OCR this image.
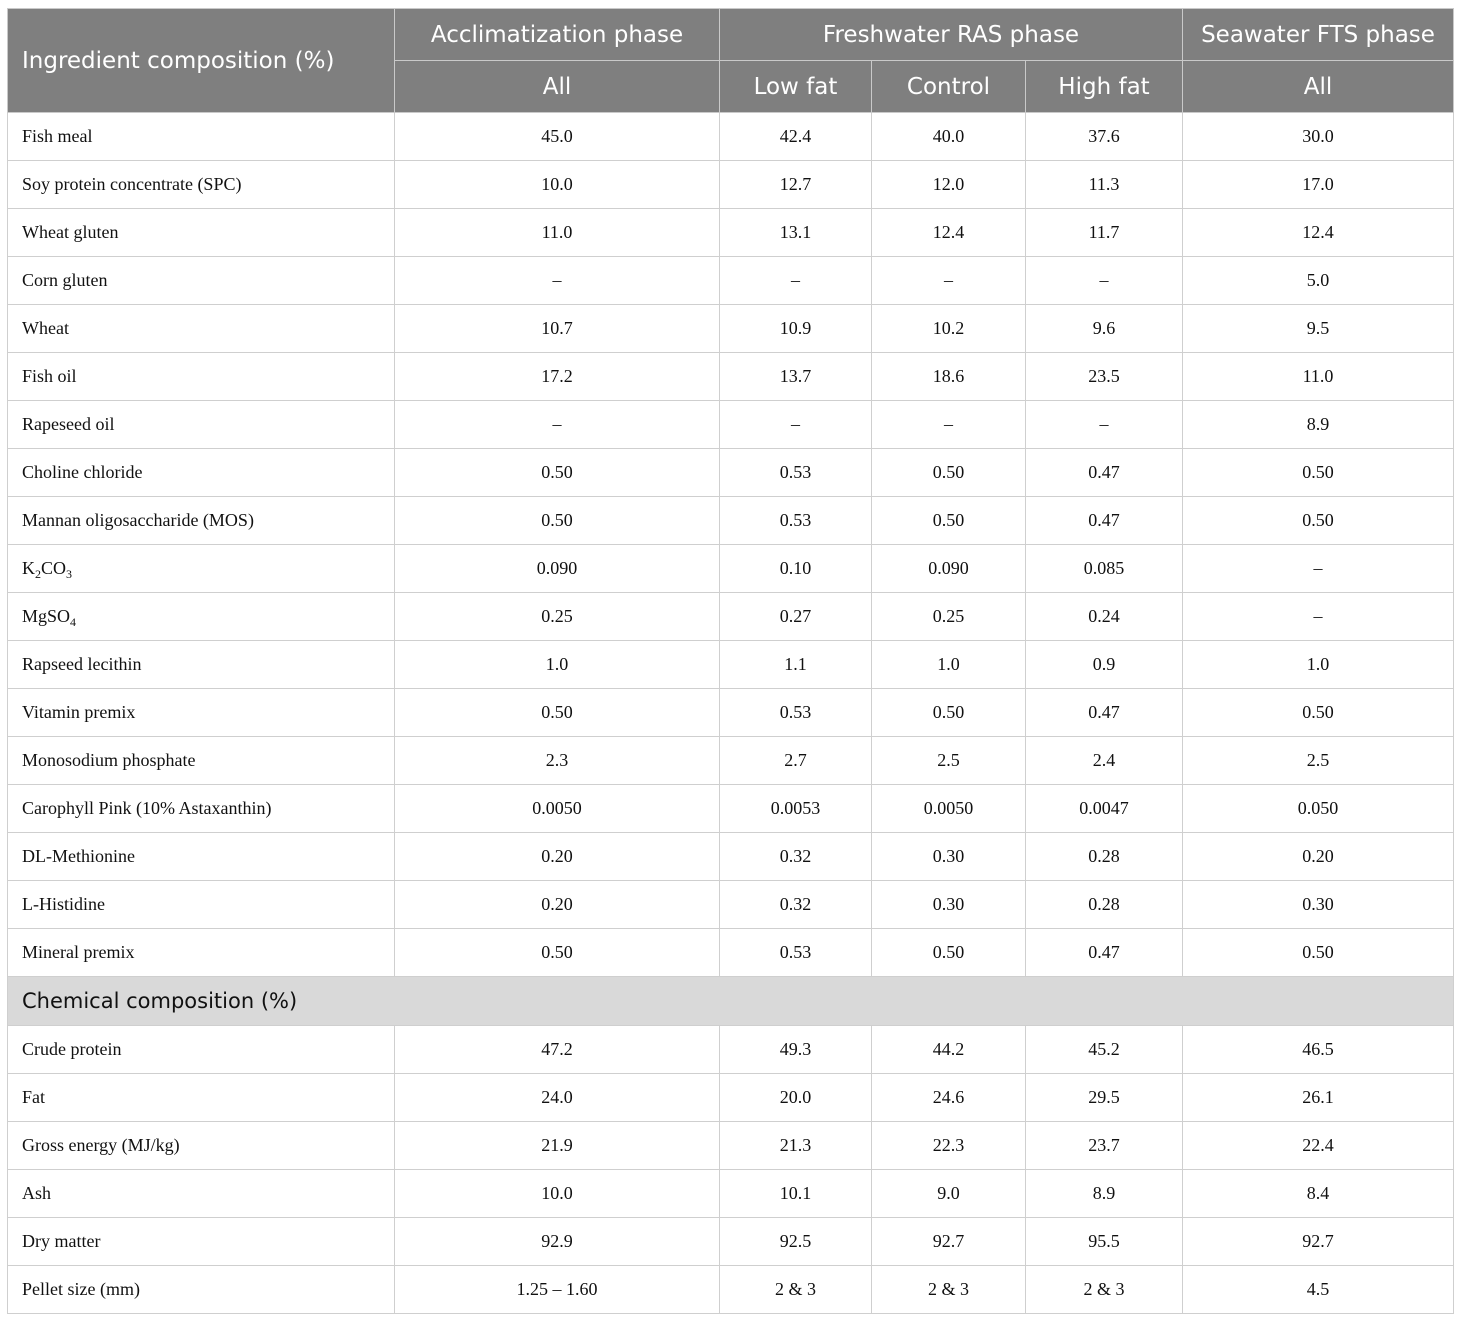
Ingredient composition (%)	Acclimatization phase	Freshwater RAS phase			Seawater FTS phase
	All	Low fat	Control	High fat	All
Fish meal	45.0	42.4	40.0	37.6	30.0
Soy protein concentrate (SPC)	10.0	12.7	12.0	11.3	17.0
Wheat gluten	11.0	13.1	12.4	11.7	12.4
Corn gluten	–	–	–	–	5.0
Wheat	10.7	10.9	10.2	9.6	9.5
Fish oil	17.2	13.7	18.6	23.5	11.0
Rapeseed oil	–	–	–	–	8.9
Choline chloride	0.50	0.53	0.50	0.47	0.50
Mannan oligosaccharide (MOS)	0.50	0.53	0.50	0.47	0.50
$K_2CO_3$	0.090	0.10	0.090	0.085	–
MgSO$_4$	0.25	0.27	0.25	0.24	–
Rapseed lecithin	1.0	1.1	1.0	0.9	1.0
Vitamin premix	0.50	0.53	0.50	0.47	0.50
Monosodium phosphate	2.3	2.7	2.5	2.4	2.5
Carophyll Pink (10% Astaxanthin)	0.0050	0.0053	0.0050	0.0047	0.050
DL-Methionine	0.20	0.32	0.30	0.28	0.20
L-Histidine	0.20	0.32	0.30	0.28	0.30
Mineral premix	0.50	0.53	0.50	0.47	0.50
Chemical composition (%)					
Crude protein	47.2	49.3	44.2	45.2	46.5
Fat	24.0	20.0	24.6	29.5	26.1
Gross energy (MJ/kg)	21.9	21.3	22.3	23.7	22.4
Ash	10.0	10.1	9.0	8.9	8.4
Dry matter	92.9	92.5	92.7	95.5	92.7
Pellet size (mm)	1.25 – 1.60	2 & 3	2 & 3	2 & 3	4.5
